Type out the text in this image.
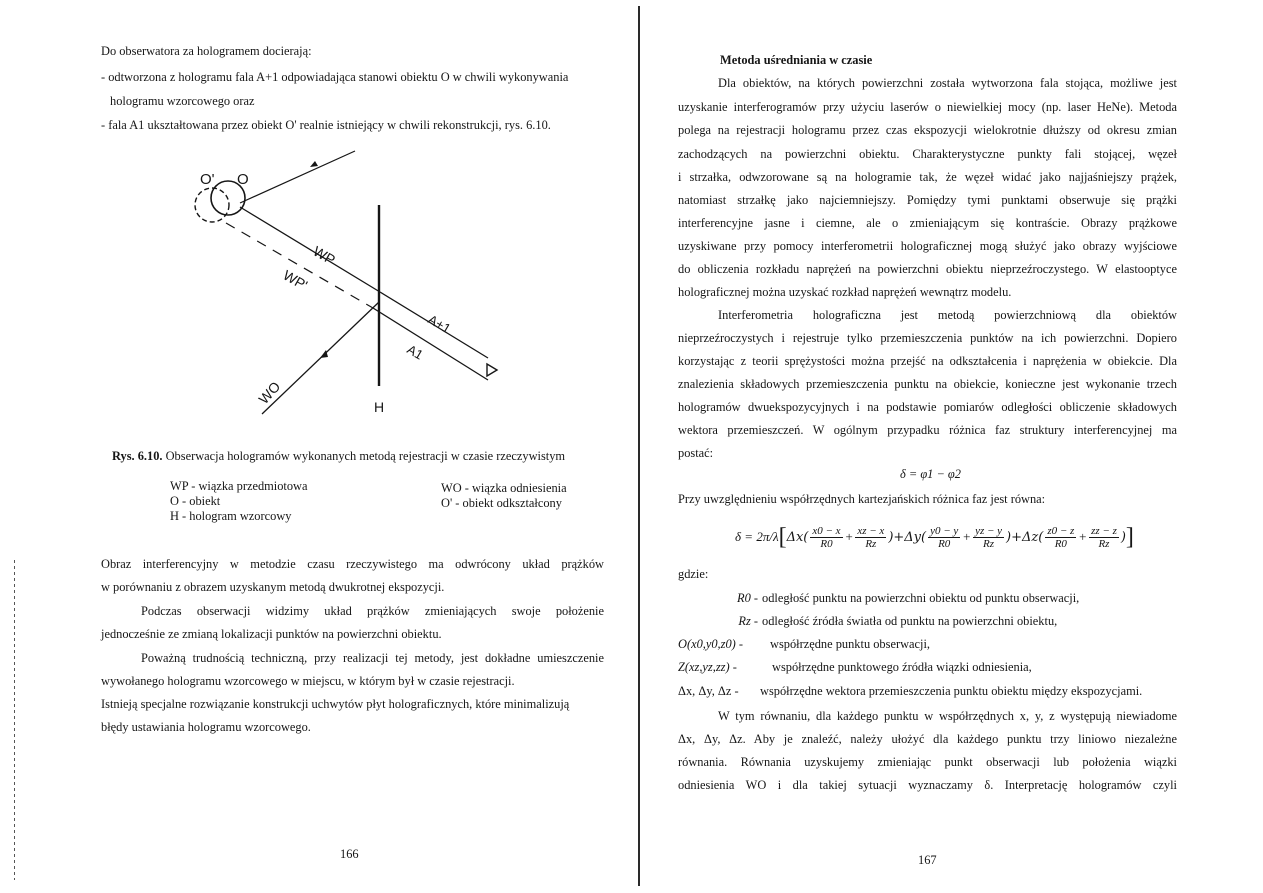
Do obserwatora za hologramem docierają:
- odtworzona z hologramu fala A+1 odpowiadająca stanowi obiektu O w chwili wykonywania
hologramu wzorcowego oraz
- fala A1 ukształtowana przez obiekt O' realnie istniejący w chwili rekonstrukcji, rys. 6.10.
O' O
WP
WP'
A+1
A1
WO	H
Rys. 6.10. Obserwacja hologramów wykonanych metodą rejestracji w czasie rzeczywistym
WP - wiązka przedmiotowa
O - obiekt
H - hologram wzorcowy
WO - wiązka odniesienia
O' - obiekt odkształcony
Obraz interferencyjny w metodzie czasu rzeczywistego ma odwrócony układ prążków
w porównaniu z obrazem uzyskanym metodą dwukrotnej ekspozycji.
Podczas obserwacji widzimy układ prążków zmieniających swoje położenie
jednocześnie ze zmianą lokalizacji punktów na powierzchni obiektu.
Poważną trudnością techniczną, przy realizacji tej metody, jest dokładne umieszczenie
wywołanego hologramu wzorcowego w miejscu, w którym był w czasie rejestracji.
Istnieją specjalne rozwiązanie konstrukcji uchwytów płyt holograficznych, które minimalizują
błędy ustawiania hologramu wzorcowego.
166
Metoda uśredniania w czasie
Dla obiektów, na których powierzchni została wytworzona fala stojąca, możliwe jest
uzyskanie interferogramów przy użyciu laserów o niewielkiej mocy (np. laser HeNe). Metoda
polega na rejestracji hologramu przez czas ekspozycji wielokrotnie dłuższy od okresu zmian
zachodzących na powierzchni obiektu. Charakterystyczne punkty fali stojącej, węzeł
i strzałka, odwzorowane są na hologramie tak, że węzeł widać jako najjaśniejszy prążek,
natomiast strzałkę jako najciemniejszy. Pomiędzy tymi punktami obserwuje się prążki
interferencyjne jasne i ciemne, ale o zmieniającym się kontraście. Obrazy prążkowe
uzyskiwane przy pomocy interferometrii holograficznej mogą służyć jako obrazy wyjściowe
do obliczenia rozkładu naprężeń na powierzchni obiektu nieprzeźroczystego. W elastooptyce
holograficznej można uzyskać rozkład naprężeń wewnątrz modelu.
Interferometria holograficzna jest metodą powierzchniową dla obiektów
nieprzeźroczystych i rejestruje tylko przemieszczenia punktów na ich powierzchni. Dopiero
korzystając z teorii sprężystości można przejść na odkształcenia i naprężenia w obiekcie. Dla
znalezienia składowych przemieszczenia punktu na obiekcie, konieczne jest wykonanie trzech
hologramów dwuekspozycyjnych i na podstawie pomiarów odległości obliczenie składowych
wektora przemieszczeń. W ogólnym przypadku różnica faz struktury interferencyjnej ma
postać:
δ = φ1 − φ2
Przy uwzględnieniu współrzędnych kartezjańskich różnica faz jest równa:
δ = 2π/λ [ $\Delta x( \frac{x0 - x}{R0} + \frac{xz - x}{Rz} )+\Delta y( \frac{y0 - y}{R0} + \frac{yz - y}{Rz} )+\Delta z( \frac{z0 - z}{R0} + \frac{zz - z}{Rz}$ ) ]
gdzie:
R0 - odległość punktu na powierzchni obiektu od punktu obserwacji,
Rz - odległość źródła światła od punktu na powierzchni obiektu,
O(x0,y0,z0) - współrzędne punktu obserwacji,
Z(xz,yz,zz) -	współrzędne punktowego źródła wiązki odniesienia,
Δx, Δy, Δz - współrzędne wektora przemieszczenia punktu obiektu między ekspozycjami.
W tym równaniu, dla każdego punktu w współrzędnych x, y, z występują niewiadome
Δx, Δy, Δz. Aby je znaleźć, należy ułożyć dla każdego punktu trzy liniowo niezależne
równania. Równania uzyskujemy zmieniając punkt obserwacji lub położenia wiązki
odniesienia WO i dla takiej sytuacji wyznaczamy δ. Interpretację hologramów czyli
167
